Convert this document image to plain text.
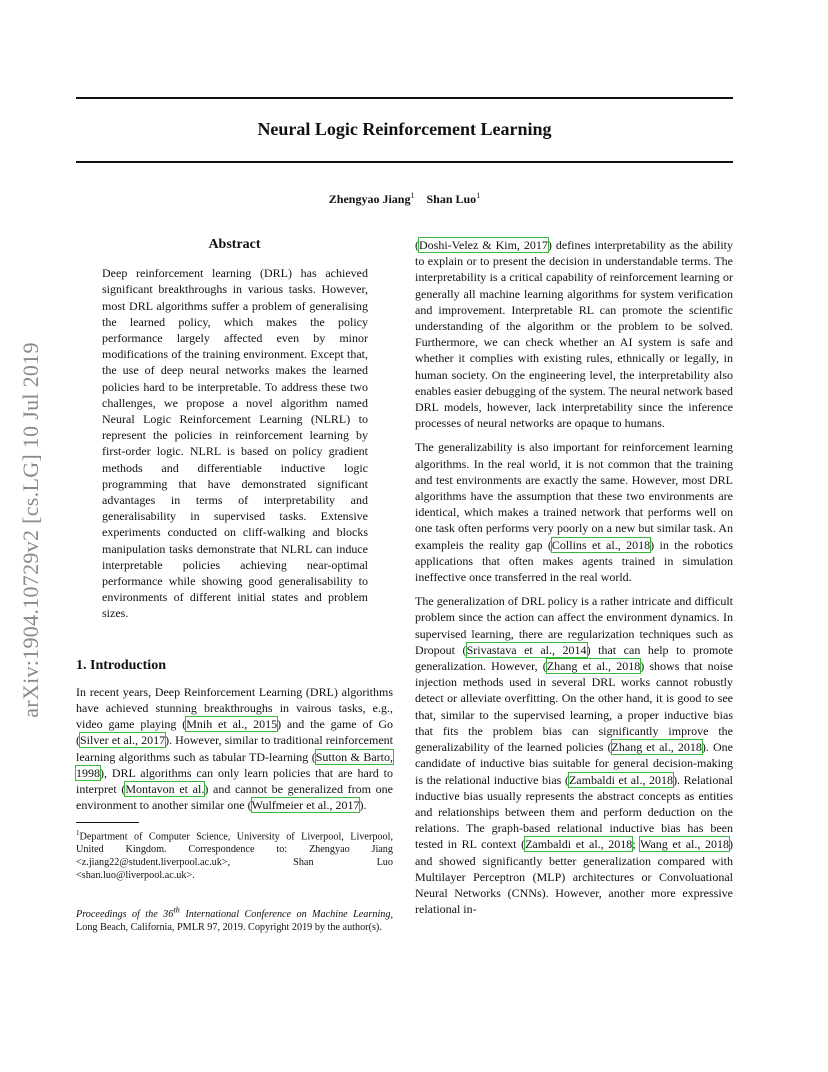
Neural Logic Reinforcement Learning
Zhengyao Jiang$^1$ Shan Luo$^1$
arXiv:1904.10729v2 [cs.LG] 10 Jul 2019
Abstract

Deep reinforcement learning (DRL) has achieved significant breakthroughs in various tasks. However, most DRL algorithms suffer a problem of generalising the learned policy, which makes the policy performance largely affected even by minor modifications of the training environment. Except that, the use of deep neural networks makes the learned policies hard to be interpretable. To address these two challenges, we propose a novel algorithm named Neural Logic Reinforcement Learning (NLRL) to represent the policies in reinforcement learning by first-order logic. NLRL is based on policy gradient methods and differentiable inductive logic programming that have demonstrated significant advantages in terms of interpretability and generalisability in supervised tasks. Extensive experiments conducted on cliff-walking and blocks manipulation tasks demonstrate that NLRL can induce interpretable policies achieving near-optimal performance while showing good generalisability to environments of different initial states and problem sizes.

1. Introduction

In recent years, Deep Reinforcement Learning (DRL) algorithms have achieved stunning breakthroughs in vairous tasks, e.g., video game playing (Mnih et al., 2015) and the game of Go (Silver et al., 2017). However, similar to traditional reinforcement learning algorithms such as tabular TD-learning (Sutton & Barto, 1998), DRL algorithms can only learn policies that are hard to interpret (Montavon et al.) and cannot be generalized from one environment to another similar one (Wulfmeier et al., 2017).

$^1$Department of Computer Science, University of Liverpool, Liverpool, United Kingdom. Correspondence to: Zhengyao Jiang <z.jiang22@student.liverpool.ac.uk>, Shan Luo <shan.luo@liverpool.ac.uk>.
Proceedings of the 36th International Conference on Machine Learning, Long Beach, California, PMLR 97, 2019. Copyright 2019 by the author(s).

(Doshi-Velez & Kim, 2017) defines interpretability as the ability to explain or to present the decision in understandable terms. The interpretability is a critical capability of reinforcement learning or generally all machine learning algorithms for system verification and improvement. Interpretable RL can promote the scientific understanding of the algorithm or the problem to be solved. Furthermore, we can check whether an AI system is safe and whether it complies with existing rules, ethnically or legally, in human society. On the engineering level, the interpretability also enables easier debugging of the system. The neural network based DRL models, however, lack interpretability since the inference processes of neural networks are opaque to humans.

The generalizability is also important for reinforcement learning algorithms. In the real world, it is not common that the training and test environments are exactly the same. However, most DRL algorithms have the assumption that these two environments are identical, which makes a trained network that performs well on one task often performs very poorly on a new but similar task. An exampleis the reality gap (Collins et al., 2018) in the robotics applications that often makes agents trained in simulation ineffective once transferred in the real world.

The generalization of DRL policy is a rather intricate and difficult problem since the action can affect the environment dynamics. In supervised learning, there are regularization techniques such as Dropout (Srivastava et al., 2014) that can help to promote generalization. However, (Zhang et al., 2018) shows that noise injection methods used in several DRL works cannot robustly detect or alleviate overfitting. On the other hand, it is good to see that, similar to the supervised learning, a proper inductive bias that fits the problem bias can significantly improve the generalizability of the learned policies (Zhang et al., 2018). One candidate of inductive bias suitable for general decision-making is the relational inductive bias (Zambaldi et al., 2018). Relational inductive bias usually represents the abstract concepts as entities and relationships between them and perform deduction on the relations. The graph-based relational inductive bias has been tested in RL context (Zambaldi et al., 2018; Wang et al., 2018) and showed significantly better generalization compared with Multilayer Perceptron (MLP) architectures or Convoluational Neural Networks (CNNs). However, another more expressive relational in-
